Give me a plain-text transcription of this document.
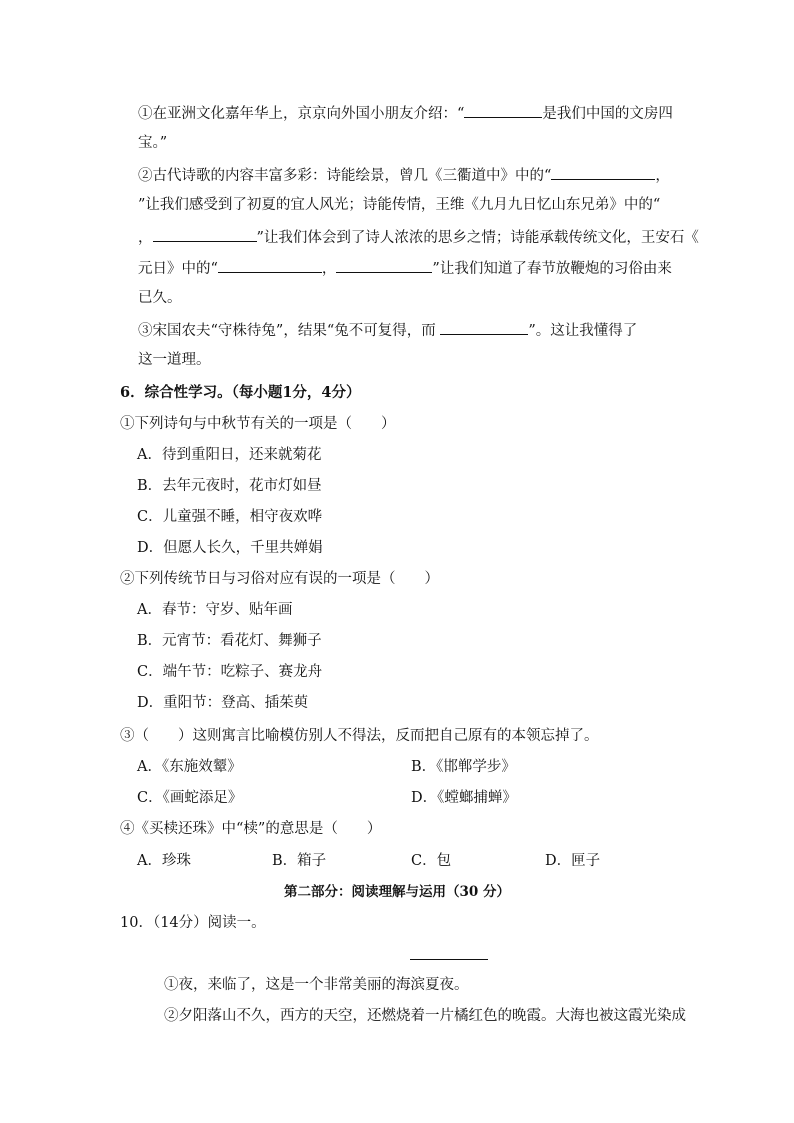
①在亚洲文化嘉年华上，京京向外国小朋友介绍：“	是我们中国的文房四
宝。”
②古代诗歌的内容丰富多彩：诗能绘景，曾几《三衢道中》中的“	，
”让我们感受到了初夏的宜人风光；诗能传情，王维《九月九日忆山东兄弟》中的“
，	”让我们体会到了诗人浓浓的思乡之情；诗能承载传统文化，王安石《
元日》中的“	，	”让我们知道了春节放鞭炮的习俗由来
已久。
③宋国农夫“守株待兔”，结果“兔不可复得，而	”。这让我懂得了
这一道理。
6．综合性学习。（每小题1分，4分）
①下列诗句与中秋节有关的一项是（　　）
A．待到重阳日，还来就菊花
B．去年元夜时，花市灯如昼
C．儿童强不睡，相守夜欢哗
D．但愿人长久，千里共婵娟
②下列传统节日与习俗对应有误的一项是（　　）
A．春节：守岁、贴年画
B．元宵节：看花灯、舞狮子
C．端午节：吃粽子、赛龙舟
D．重阳节：登高、插茱萸
③（　　）这则寓言比喻模仿别人不得法，反而把自己原有的本领忘掉了。
A．《东施效颦》	B．《邯郸学步》
C．《画蛇添足》	D．《螳螂捕蝉》
④《买椟还珠》中“椟”的意思是（　　）
A．珍珠	B．箱子	C．包	D．匣子
第二部分：阅读理解与运用（30 分）
10．（14分）阅读一。
①夜，来临了，这是一个非常美丽的海滨夏夜。
②夕阳落山不久，西方的天空，还燃烧着一片橘红色的晚霞。大海也被这霞光染成
